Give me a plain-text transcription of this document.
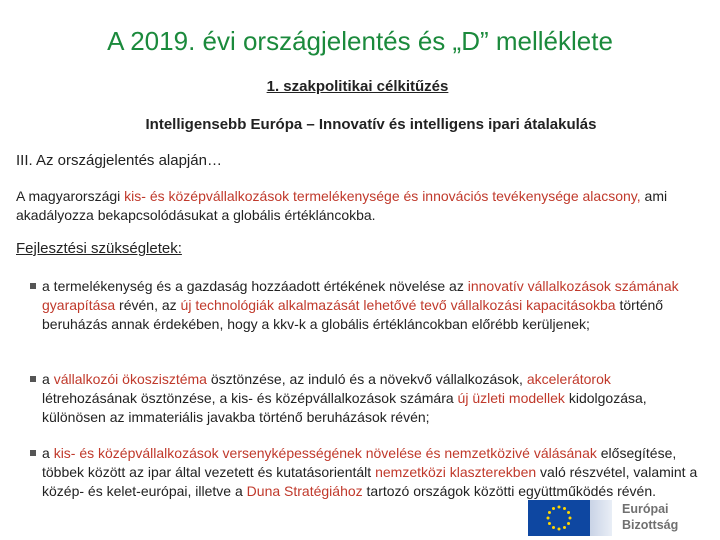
A 2019. évi országjelentés és „D” melléklete
1. szakpolitikai célkitűzés
Intelligensebb Európa – Innovatív és intelligens ipari átalakulás
III. Az országjelentés alapján…
A magyarországi kis- és középvállalkozások termelékenysége és innovációs tevékenysége alacsony, ami akadályozza bekapcsolódásukat a globális értékláncokba.
Fejlesztési szükségletek:
a termelékenység és a gazdaság hozzáadott értékének növelése az innovatív vállalkozások számának gyarapítása révén, az új technológiák alkalmazását lehetővé tevő vállalkozási kapacitásokba történő beruházás annak érdekében, hogy a kkv-k a globális értékláncokban előrébb kerüljenek;
a vállalkozói ökoszisztéma ösztönzése, az induló és a növekvő vállalkozások, akcelerátorok létrehozásának ösztönzése, a kis- és középvállalkozások számára új üzleti modellek kidolgozása, különösen az immateriális javakba történő beruházások révén;
a kis- és középvállalkozások versenyképességének növelése és nemzetközivé válásának elősegítése, többek között az ipar által vezetett és kutatásorientált nemzetközi klaszterekben való részvétel, valamint a közép- és kelet-európai, illetve a Duna Stratégiához tartozó országok közötti együttműködés révén.
Európai
Bizottság
